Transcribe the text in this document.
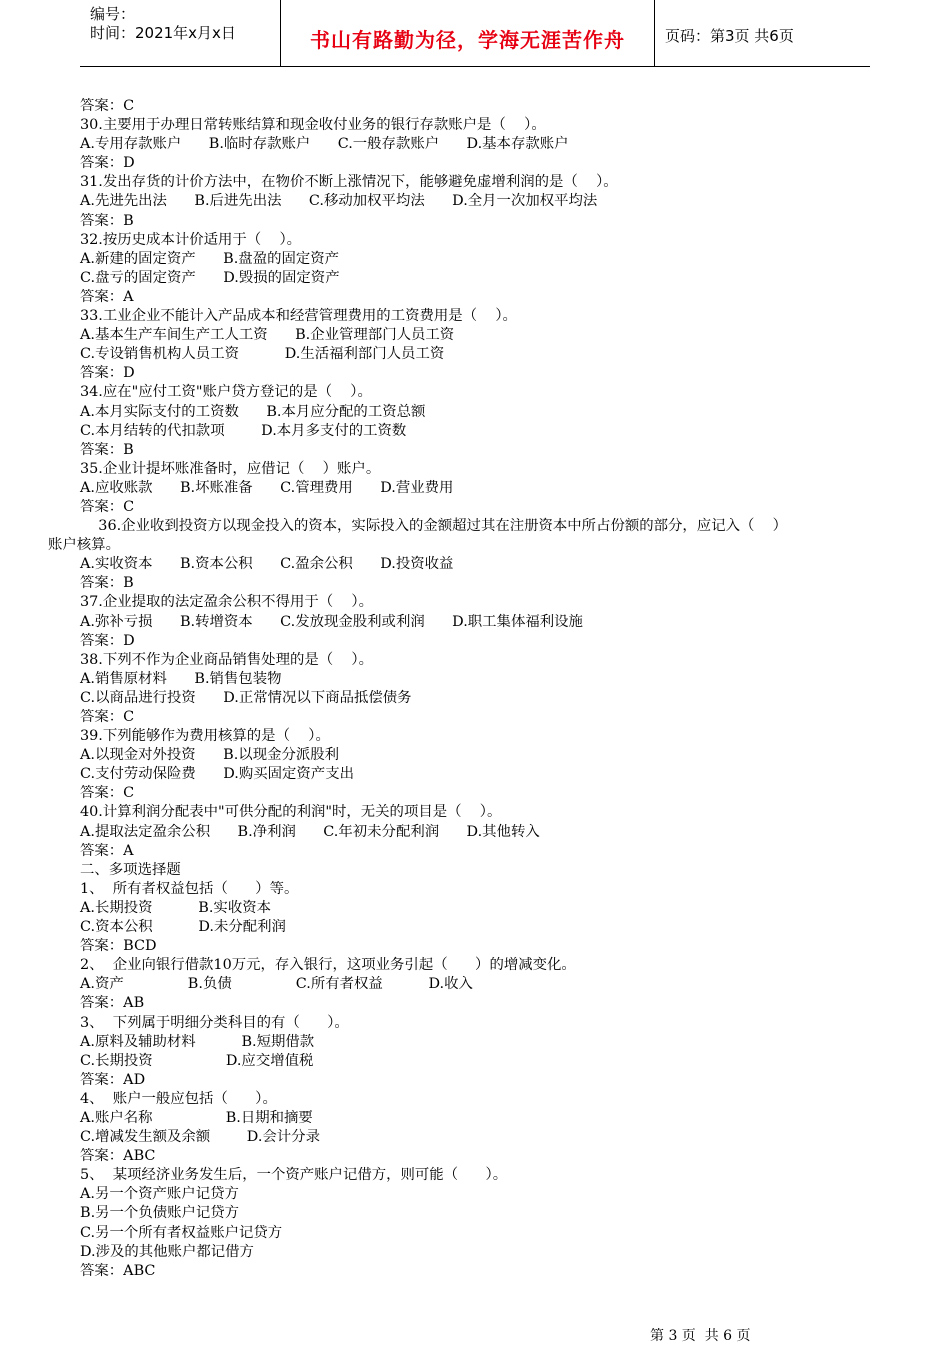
编号：
时间：2021年x月x日	书山有路勤为径，学海无涯苦作舟	页码：第3页 共6页
答案：C
30.主要用于办理日常转账结算和现金收付业务的银行存款账户是（    ）。
A.专用存款账户      B.临时存款账户      C.一般存款账户      D.基本存款账户
答案：D
31.发出存货的计价方法中，在物价不断上涨情况下，能够避免虚增利润的是（    ）。
A.先进先出法      B.后进先出法      C.移动加权平均法      D.全月一次加权平均法
答案：B
32.按历史成本计价适用于（    ）。
A.新建的固定资产      B.盘盈的固定资产
C.盘亏的固定资产      D.毁损的固定资产
答案：A
33.工业企业不能计入产品成本和经营管理费用的工资费用是（    ）。
A.基本生产车间生产工人工资      B.企业管理部门人员工资
C.专设销售机构人员工资          D.生活福利部门人员工资
答案：D
34.应在"应付工资"账户贷方登记的是（    ）。
A.本月实际支付的工资数      B.本月应分配的工资总额
C.本月结转的代扣款项        D.本月多支付的工资数
答案：B
35.企业计提坏账准备时，应借记（    ）账户。
A.应收账款      B.坏账准备      C.管理费用      D.营业费用
答案：C
36.企业收到投资方以现金投入的资本，实际投入的金额超过其在注册资本中所占份额的部分，应记入（    ）
账户核算。
A.实收资本      B.资本公积      C.盈余公积      D.投资收益
答案：B
37.企业提取的法定盈余公积不得用于（    ）。
A.弥补亏损      B.转增资本      C.发放现金股利或利润      D.职工集体福利设施
答案：D
38.下列不作为企业商品销售处理的是（    ）。
A.销售原材料      B.销售包装物
C.以商品进行投资      D.正常情况以下商品抵偿债务
答案：C
39.下列能够作为费用核算的是（    ）。
A.以现金对外投资      B.以现金分派股利
C.支付劳动保险费      D.购买固定资产支出
答案：C
40.计算利润分配表中"可供分配的利润"时，无关的项目是（    ）。
A.提取法定盈余公积      B.净利润      C.年初未分配利润      D.其他转入
答案：A
二、多项选择题
1、  所有者权益包括（      ）等。
A.长期投资          B.实收资本
C.资本公积          D.未分配利润
答案：BCD
2、  企业向银行借款10万元，存入银行，这项业务引起（      ）的增减变化。
A.资产              B.负债              C.所有者权益          D.收入
答案：AB
3、  下列属于明细分类科目的有（      ）。
A.原料及辅助材料          B.短期借款
C.长期投资                D.应交增值税
答案：AD
4、  账户一般应包括（      ）。
A.账户名称                B.日期和摘要
C.增减发生额及余额        D.会计分录
答案：ABC
5、  某项经济业务发生后，一个资产账户记借方，则可能（      ）。
A.另一个资产账户记贷方
B.另一个负债账户记贷方
C.另一个所有者权益账户记贷方
D.涉及的其他账户都记借方
答案：ABC
第 3 页  共 6 页
